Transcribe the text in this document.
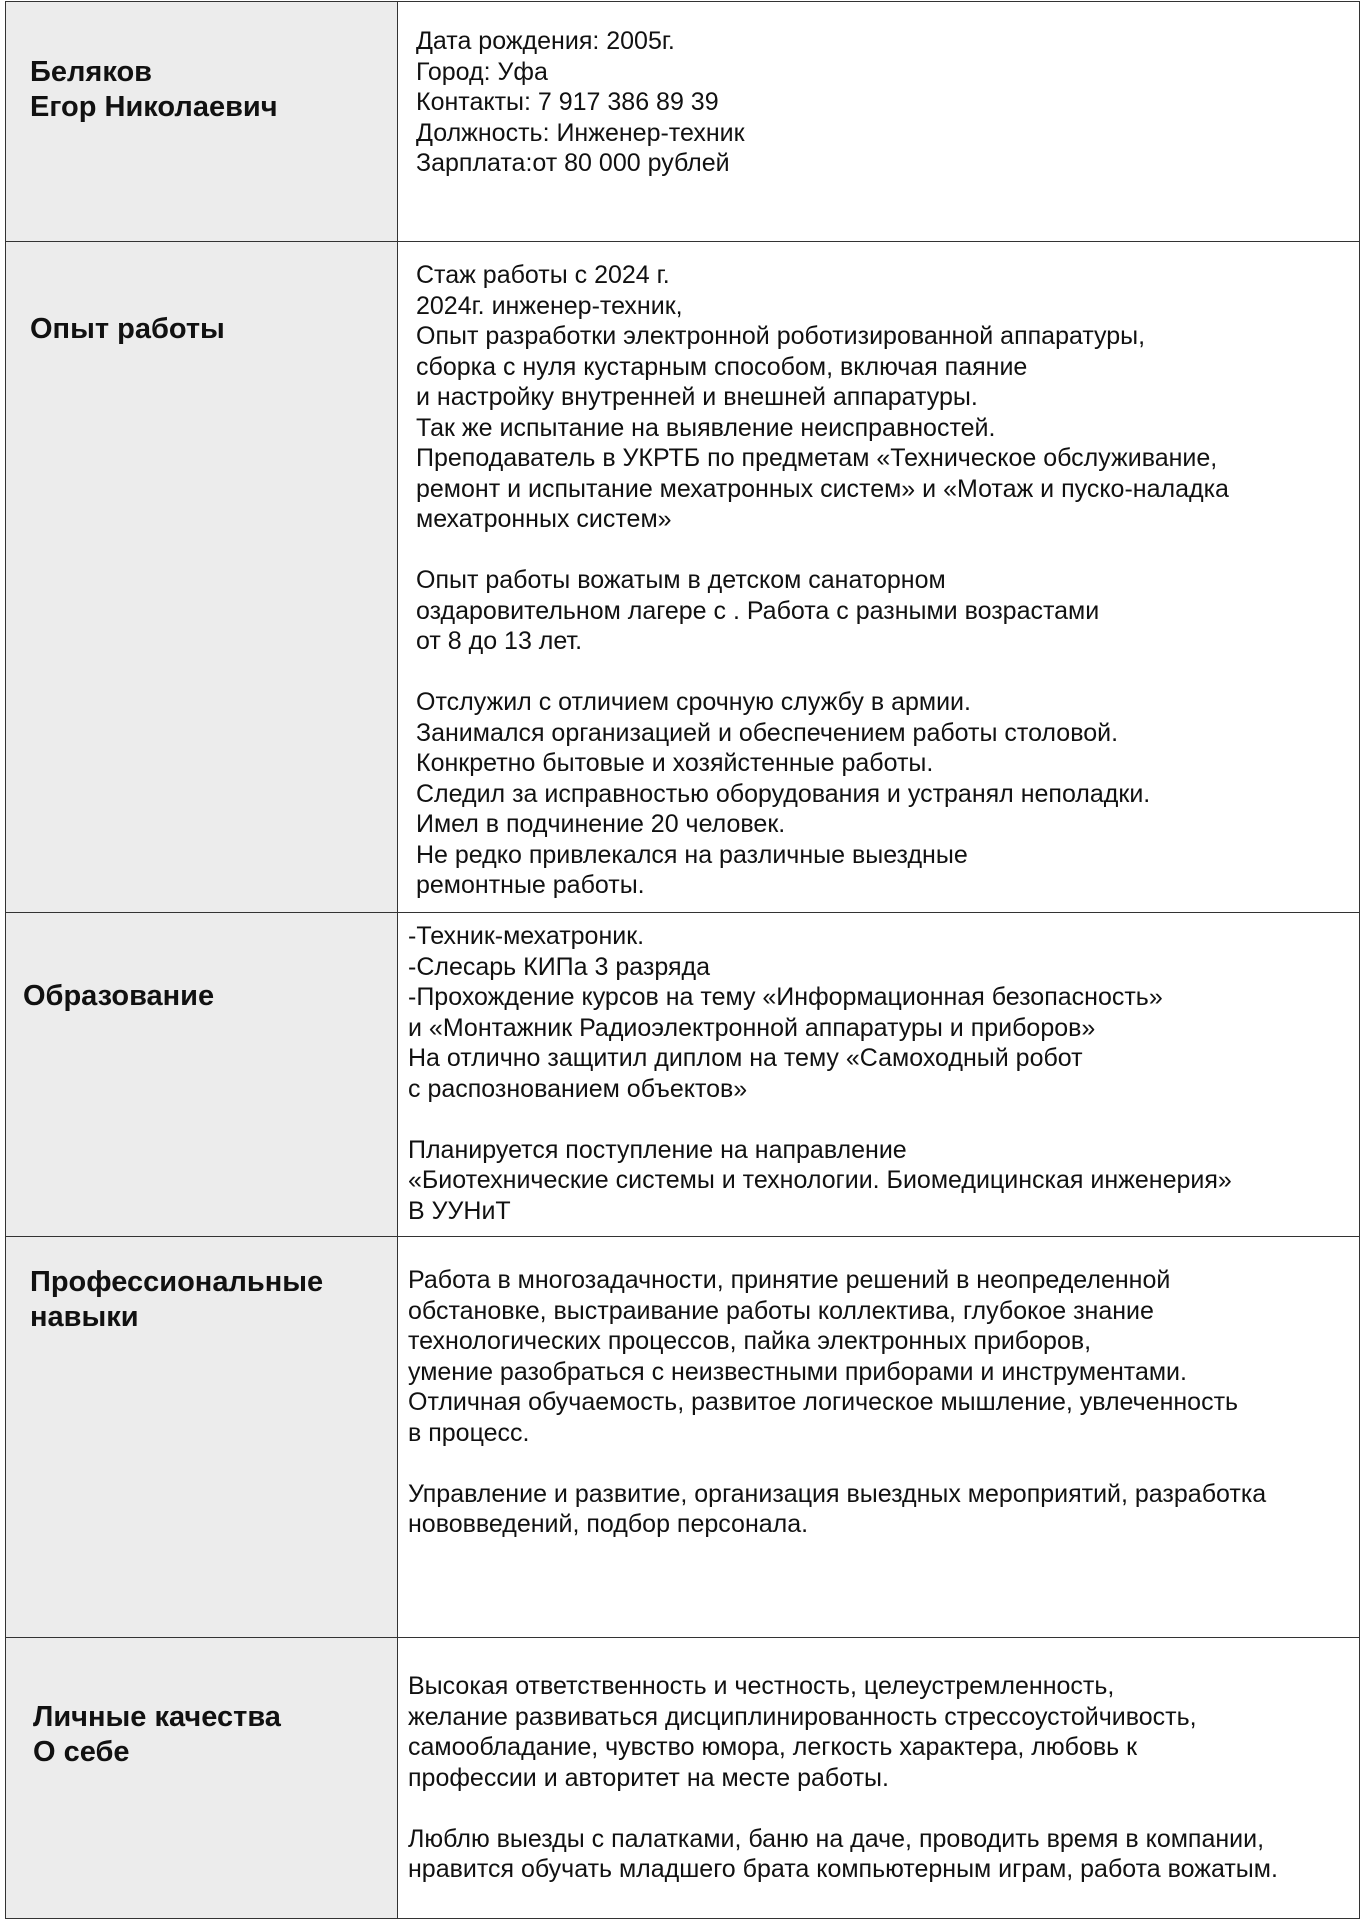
Беляков
Егор Николаевич
Дата рождения: 2005г.
Город: Уфа
Контакты: 7 917 386 89 39
Должность: Инженер-техник
Зарплата:от 80 000 рублей
Опыт работы
Стаж работы с 2024 г.
2024г. инженер-техник,
Опыт разработки электронной роботизированной аппаратуры,
сборка с нуля кустарным способом, включая паяние
и настройку внутренней и внешней аппаратуры.
Так же испытание на выявление неисправностей.
Преподаватель в УКРТБ по предметам «Техническое обслуживание,
ремонт и испытание мехатронных систем» и «Мотаж и пуско-наладка
мехатронных систем»
Опыт работы вожатым в детском санаторном
оздаровительном лагере с . Работа с разными возрастами
от 8 до 13 лет.
Отслужил с отличием срочную службу в армии.
Занимался организацией и обеспечением работы столовой.
Конкретно бытовые и хозяйстенные работы.
Следил за исправностью оборудования и устранял неполадки.
Имел в подчинение 20 человек.
Не редко привлекался на различные выездные
ремонтные работы.
Образование
-Техник-мехатроник.
-Слесарь КИПа 3 разряда
-Прохождение курсов на тему «Информационная безопасность»
и «Монтажник Радиоэлектронной аппаратуры и приборов»
На отлично защитил диплом на тему «Самоходный робот
с распознованием объектов»
Планируется поступление на направление
«Биотехнические системы и технологии. Биомедицинская инженерия»
В УУНиТ
Профессиональные
навыки
Работа в многозадачности, принятие решений в неопределенной
обстановке, выстраивание работы коллектива, глубокое знание
технологических процессов, пайка электронных приборов,
умение разобраться с неизвестными приборами и инструментами.
Отличная обучаемость, развитое логическое мышление, увлеченность
в процесс.
Управление и развитие, организация выездных мероприятий, разработка
нововведений, подбор персонала.
Личные качества
О себе
Высокая ответственность и честность, целеустремленность,
желание развиваться дисциплинированность стрессоустойчивость,
самообладание, чувство юмора, легкость характера, любовь к
профессии и авторитет на месте работы.
Люблю выезды с палатками, баню на даче, проводить время в компании,
нравится обучать младшего брата компьютерным играм, работа вожатым.
